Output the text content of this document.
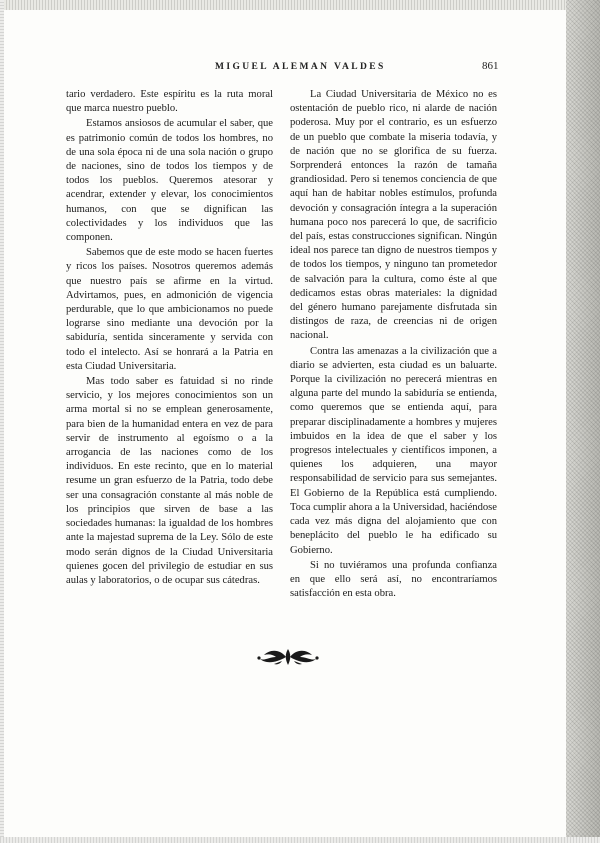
MIGUEL ALEMAN VALDES	861

tario verdadero. Este espíritu es la ruta moral que marca nuestro pueblo.

Estamos ansiosos de acumular el saber, que es patrimonio común de todos los hombres, no de una sola época ni de una sola nación o grupo de naciones, sino de todos los tiempos y de todos los pueblos. Queremos atesorar y acendrar, extender y elevar, los conocimientos humanos, con que se dignifican las colectividades y los individuos que las componen.

Sabemos que de este modo se hacen fuertes y ricos los países. Nosotros queremos además que nuestro país se afirme en la virtud. Advirtamos, pues, en admonición de vigencia perdurable, que lo que ambicionamos no puede lograrse sino mediante una devoción por la sabiduría, sentida sinceramente y servida con todo el intelecto. Así se honrará a la Patria en esta Ciudad Universitaria.

Mas todo saber es fatuidad si no rinde servicio, y los mejores conocimientos son un arma mortal si no se emplean generosamente, para bien de la humanidad entera en vez de para servir de instrumento al egoísmo o a la arrogancia de las naciones como de los individuos. En este recinto, que en lo material resume un gran esfuerzo de la Patria, todo debe ser una consagración constante al más noble de los principios que sirven de base a las sociedades humanas: la igualdad de los hombres ante la majestad suprema de la Ley. Sólo de este modo serán dignos de la Ciudad Universitaria quienes gocen del privilegio de estudiar en sus aulas y laboratorios, o de ocupar sus cátedras.

La Ciudad Universitaria de México no es ostentación de pueblo rico, ni alarde de nación poderosa. Muy por el contrario, es un esfuerzo de un pueblo que combate la miseria todavía, y de nación que no se glorifica de su fuerza. Sorprenderá entonces la razón de tamaña grandiosidad. Pero si tenemos conciencia de que aquí han de habitar nobles estímulos, profunda devoción y consagración íntegra a la superación humana poco nos parecerá lo que, de sacrificio del país, estas construcciones significan. Ningún ideal nos parece tan digno de nuestros tiempos y de todos los tiempos, y ninguno tan prometedor de salvación para la cultura, como éste al que dedicamos estas obras materiales: la dignidad del género humano parejamente disfrutada sin distingos de raza, de creencias ni de origen nacional.

Contra las amenazas a la civilización que a diario se advierten, esta ciudad es un baluarte. Porque la civilización no perecerá mientras en alguna parte del mundo la sabiduría se entienda, como queremos que se entienda aquí, para preparar disciplinadamente a hombres y mujeres imbuidos en la idea de que el saber y los progresos intelectuales y científicos imponen, a quienes los adquieren, una mayor responsabilidad de servicio para sus semejantes. El Gobierno de la República está cumpliendo. Toca cumplir ahora a la Universidad, haciéndose cada vez más digna del alojamiento que con beneplácito del pueblo le ha edificado su Gobierno.

Si no tuviéramos una profunda confianza en que ello será así, no encontraríamos satisfacción en esta obra.
